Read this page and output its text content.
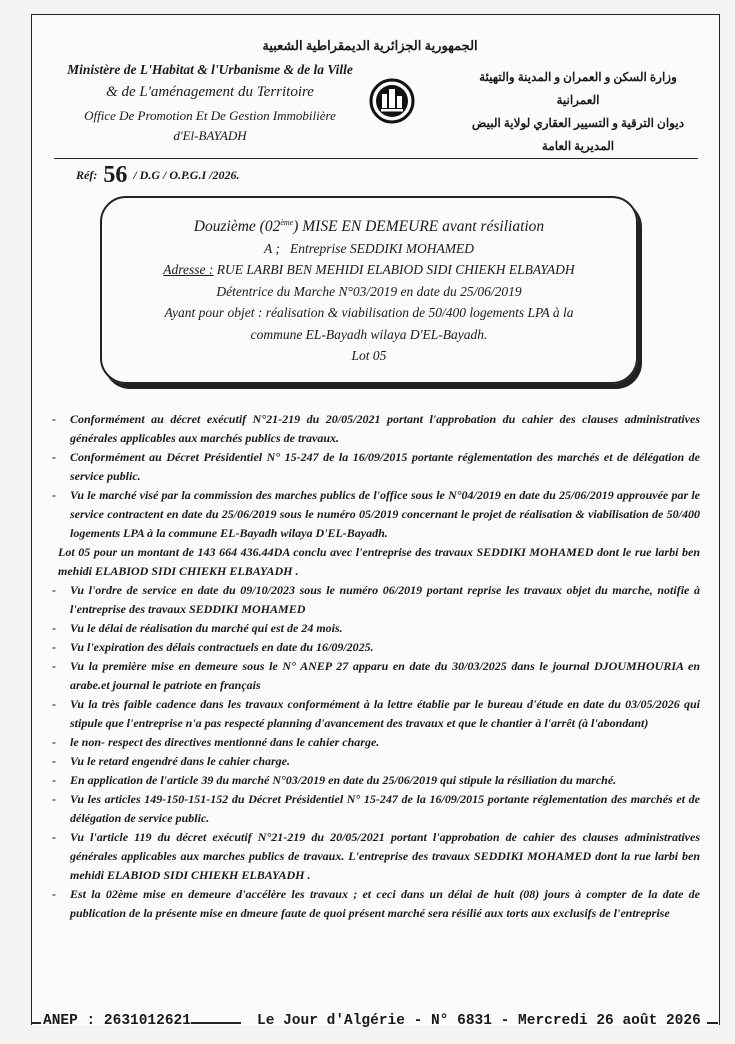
الجمهورية الجزائرية الديمقراطية الشعبية
Ministère de L'Habitat & l'Urbanisme & de la Ville
& de L'aménagement du Territoire
Office De Promotion Et De Gestion Immobilière
d'El-BAYADH
وزارة السكن و العمران و المدينة والتهيئة العمرانية
ديوان الترقية و التسيير العقاري لولاية البيض
المديرية العامة
Réf: 56 / D.G / O.P.G.I /2026.
Douzième (02ème) MISE EN DEMEURE avant résiliation
A ; Entreprise SEDDIKI MOHAMED
Adresse : RUE LARBI BEN MEHIDI ELABIOD SIDI CHIEKH ELBAYADH
Détentrice du Marche N°03/2019 en date du 25/06/2019
Ayant pour objet : réalisation & viabilisation de 50/400 logements LPA à la
commune EL-Bayadh wilaya D'EL-Bayadh.
Lot 05
- Conformément au décret exécutif N°21-219 du 20/05/2021 portant l'approbation du cahier des clauses administratives générales applicables aux marchés publics de travaux.
- Conformément au Décret Présidentiel N° 15-247 de la 16/09/2015 portante réglementation des marchés et de délégation de service public.
- Vu le marché visé par la commission des marches publics de l'office sous le N°04/2019 en date du 25/06/2019 approuvée par le service contractent en date du 25/06/2019 sous le numéro 05/2019 concernant le projet de réalisation & viabilisation de 50/400 logements LPA à la commune EL-Bayadh wilaya D'EL-Bayadh.
Lot 05 pour un montant de 143 664 436.44DA conclu avec l'entreprise des travaux SEDDIKI MOHAMED dont le rue larbi ben mehidi ELABIOD SIDI CHIEKH ELBAYADH .
- Vu l'ordre de service en date du 09/10/2023 sous le numéro 06/2019 portant reprise les travaux objet du marche, notifie à l'entreprise des travaux SEDDIKI MOHAMED
- Vu le délai de réalisation du marché qui est de 24 mois.
- Vu l'expiration des délais contractuels en date du 16/09/2025.
- Vu la première mise en demeure sous le N° ANEP 27 apparu en date du 30/03/2025 dans le journal DJOUMHOURIA en arabe.et journal le patriote en français
- Vu la très faible cadence dans les travaux conformément à la lettre établie par le bureau d'étude en date du 03/05/2026 qui stipule que l'entreprise n'a pas respecté planning d'avancement des travaux et que le chantier à l'arrêt (à l'abondant)
- le non- respect des directives mentionné dans le cahier charge.
- Vu le retard engendré dans le cahier charge.
- En application de l'article 39 du marché N°03/2019 en date du 25/06/2019 qui stipule la résiliation du marché.
- Vu les articles 149-150-151-152 du Décret Présidentiel N° 15-247 de la 16/09/2015 portante réglementation des marchés et de délégation de service public.
- Vu l'article 119 du décret exécutif N°21-219 du 20/05/2021 portant l'approbation de cahier des clauses administratives générales applicables aux marches publics de travaux. L'entreprise des travaux SEDDIKI MOHAMED dont la rue larbi ben mehidi ELABIOD SIDI CHIEKH ELBAYADH .
- Est la 02ème mise en demeure d'accélère les travaux ; et ceci dans un délai de huit (08) jours à compter de la date de publication de la présente mise en dmeure faute de quoi présent marché sera résilié aux torts aux exclusifs de l'entreprise
ANEP : 2631012621	Le Jour d'Algérie - N° 6831 - Mercredi 26 août 2026
